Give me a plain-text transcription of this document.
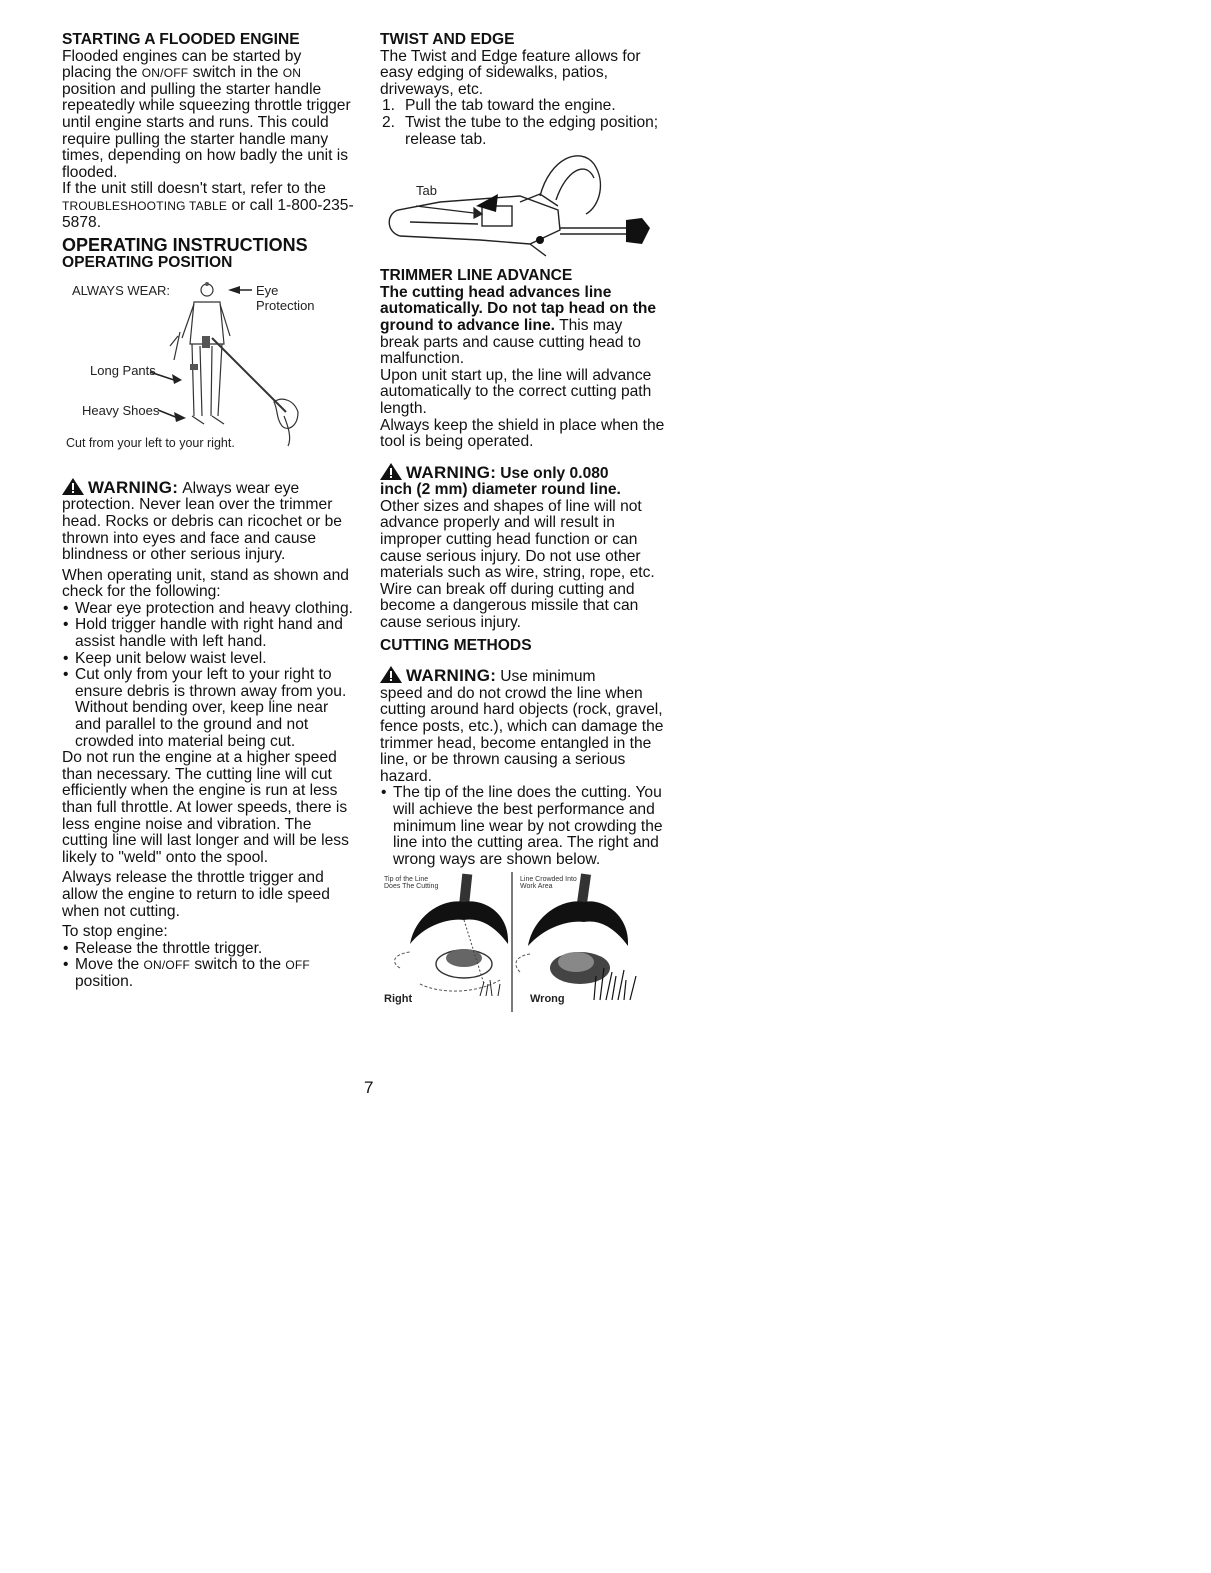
STARTING A FLOODED ENGINE

Flooded engines can be started by placing the ON/OFF switch in the ON position and pulling the starter handle repeatedly while squeezing throttle trigger until engine starts and runs. This could require pulling the starter handle many times, depending on how badly the unit is flooded.

If the unit still doesn't start, refer to the TROUBLESHOOTING TABLE or call 1-800-235-5878.

OPERATING INSTRUCTIONS

OPERATING POSITION

ALWAYS WEAR:	Eye
Protection
Long Pants
Heavy Shoes
Cut from your left to your right.
WARNING: Always wear eye

protection. Never lean over the trimmer head. Rocks or debris can ricochet or be thrown into eyes and face and cause blindness or other serious injury.

When operating unit, stand as shown and check for the following:

• Wear eye protection and heavy clothing.
• Hold trigger handle with right hand and assist handle with left hand.
• Keep unit below waist level.
• Cut only from your left to your right to ensure debris is thrown away from you. Without bending over, keep line near and parallel to the ground and not crowded into material being cut.

Do not run the engine at a higher speed than necessary. The cutting line will cut efficiently when the engine is run at less than full throttle. At lower speeds, there is less engine noise and vibration. The cutting line will last longer and will be less likely to "weld" onto the spool.

Always release the throttle trigger and allow the engine to return to idle speed when not cutting.

To stop engine:

• Release the throttle trigger.
• Move the ON/OFF switch to the OFF position.

TWIST AND EDGE

The Twist and Edge feature allows for easy edging of sidewalks, patios, driveways, etc.

1. Pull the tab toward the engine.
2. Twist the tube to the edging position; release tab.
Tab

TRIMMER LINE ADVANCE

The cutting head advances line automatically. Do not tap head on the ground to advance line. This may break parts and cause cutting head to malfunction.

Upon unit start up, the line will advance automatically to the correct cutting path length.

Always keep the shield in place when the tool is being operated.

WARNING: Use only 0.080

inch (2 mm) diameter round line.

Other sizes and shapes of line will not advance properly and will result in improper cutting head function or can cause serious injury. Do not use other materials such as wire, string, rope, etc. Wire can break off during cutting and become a dangerous missile that can cause serious injury.

CUTTING METHODS

WARNING: Use minimum

speed and do not crowd the line when cutting around hard objects (rock, gravel, fence posts, etc.), which can damage the trimmer head, become entangled in the line, or be thrown causing a serious hazard.

• The tip of the line does the cutting. You will achieve the best performance and minimum line wear by not crowding the line into the cutting area. The right and wrong ways are shown below.
Tip of the Line
Does The Cutting
Line Crowded Into
Work Area
Right	Wrong
7
